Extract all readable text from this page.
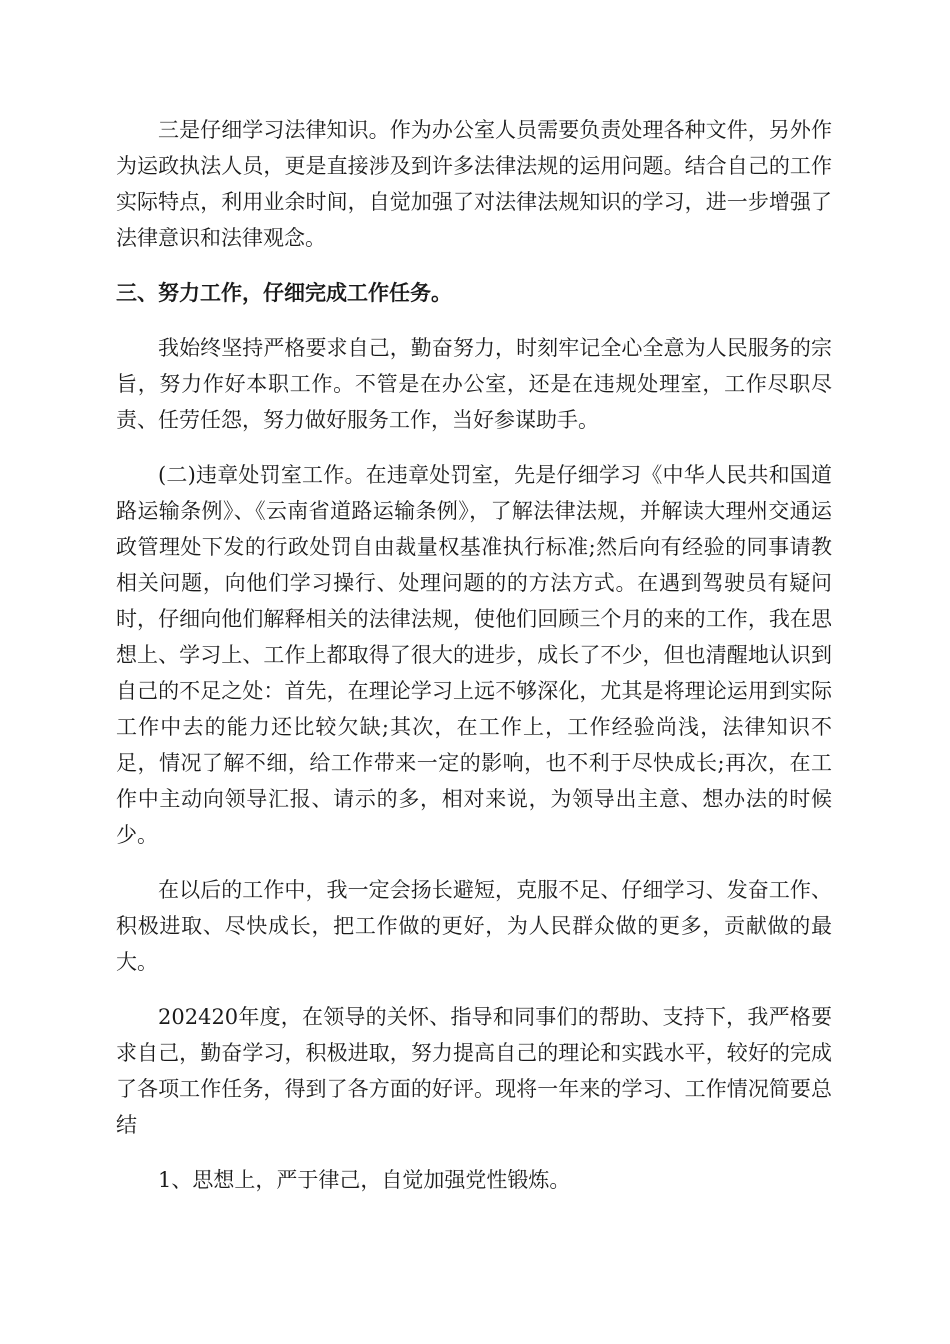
三是仔细学习法律知识。作为办公室人员需要负责处理各种文件，另外作为运政执法人员，更是直接涉及到许多法律法规的运用问题。结合自己的工作实际特点，利用业余时间，自觉加强了对法律法规知识的学习，进一步增强了法律意识和法律观念。

三、努力工作，仔细完成工作任务。

我始终坚持严格要求自己，勤奋努力，时刻牢记全心全意为人民服务的宗旨，努力作好本职工作。不管是在办公室，还是在违规处理室，工作尽职尽责、任劳任怨，努力做好服务工作，当好参谋助手。

(二)违章处罚室工作。在违章处罚室，先是仔细学习《中华人民共和国道路运输条例》、《云南省道路运输条例》，了解法律法规，并解读大理州交通运政管理处下发的行政处罚自由裁量权基准执行标准;然后向有经验的同事请教相关问题，向他们学习操行、处理问题的的方法方式。在遇到驾驶员有疑问时，仔细向他们解释相关的法律法规，使他们回顾三个月的来的工作，我在思想上、学习上、工作上都取得了很大的进步，成长了不少，但也清醒地认识到自己的不足之处：首先，在理论学习上远不够深化，尤其是将理论运用到实际工作中去的能力还比较欠缺;其次，在工作上，工作经验尚浅，法律知识不足，情况了解不细，给工作带来一定的影响，也不利于尽快成长;再次，在工作中主动向领导汇报、请示的多，相对来说，为领导出主意、想办法的时候少。

在以后的工作中，我一定会扬长避短，克服不足、仔细学习、发奋工作、积极进取、尽快成长，把工作做的更好，为人民群众做的更多，贡献做的最大。

202420年度，在领导的关怀、指导和同事们的帮助、支持下，我严格要求自己，勤奋学习，积极进取，努力提高自己的理论和实践水平，较好的完成了各项工作任务，得到了各方面的好评。现将一年来的学习、工作情况简要总结

1、思想上，严于律己，自觉加强党性锻炼。
